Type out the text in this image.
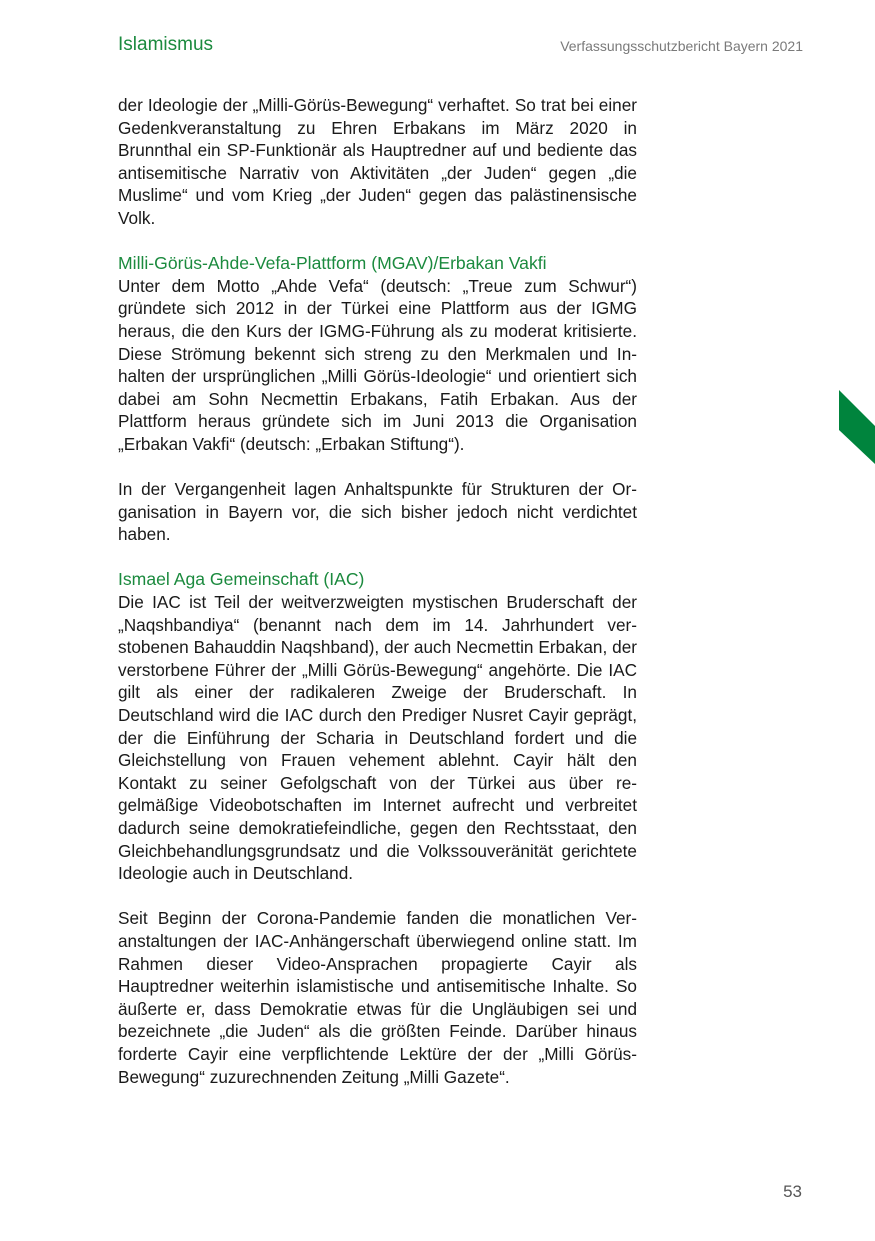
Islamismus	Verfassungsschutzbericht Bayern 2021

der Ideologie der „Milli-Görüs-Bewegung“ verhaftet. So trat bei einer Gedenkveranstaltung zu Ehren Erbakans im März 2020 in Brunnthal ein SP-Funktionär als Hauptredner auf und bediente das antisemitische Narrativ von Aktivitäten „der Juden“ gegen „die Muslime“ und vom Krieg „der Juden“ gegen das palästinensische Volk.

Milli-Görüs-Ahde-Vefa-Plattform (MGAV)/Erbakan Vakfi

Unter dem Motto „Ahde Vefa“ (deutsch: „Treue zum Schwur“) gründete sich 2012 in der Türkei eine Plattform aus der IGMG heraus, die den Kurs der IGMG-Führung als zu moderat kritisierte. Diese Strömung bekennt sich streng zu den Merkmalen und Inhalten der ursprünglichen „Milli Görüs-Ideologie“ und orientiert sich dabei am Sohn Necmettin Erbakans, Fatih Erbakan. Aus der Plattform heraus gründete sich im Juni 2013 die Organisation „Erbakan Vakfi“ (deutsch: „Erbakan Stiftung“).

In der Vergangenheit lagen Anhaltspunkte für Strukturen der Organisation in Bayern vor, die sich bisher jedoch nicht verdichtet haben.

Ismael Aga Gemeinschaft (IAC)

Die IAC ist Teil der weitverzweigten mystischen Bruderschaft der „Naqshbandiya“ (benannt nach dem im 14. Jahrhundert verstobenen Bahauddin Naqshband), der auch Necmettin Erbakan, der verstorbene Führer der „Milli Görüs-Bewegung“ angehörte. Die IAC gilt als einer der radikaleren Zweige der Bruderschaft. In Deutschland wird die IAC durch den Prediger Nusret Cayir geprägt, der die Einführung der Scharia in Deutschland fordert und die Gleichstellung von Frauen vehement ablehnt. Cayir hält den Kontakt zu seiner Gefolgschaft von der Türkei aus über regelmäßige Videobotschaften im Internet aufrecht und verbreitet dadurch seine demokratiefeindliche, gegen den Rechtsstaat, den Gleichbehandlungsgrundsatz und die Volkssouveränität gerichtete Ideologie auch in Deutschland.

Seit Beginn der Corona-Pandemie fanden die monatlichen Veranstaltungen der IAC-Anhängerschaft überwiegend online statt. Im Rahmen dieser Video-Ansprachen propagierte Cayir als Hauptredner weiterhin islamistische und antisemitische Inhalte. So äußerte er, dass Demokratie etwas für die Ungläubigen sei und bezeichnete „die Juden“ als die größten Feinde. Darüber hinaus forderte Cayir eine verpflichtende Lektüre der der „Milli Görüs-Bewegung“ zuzurechnenden Zeitung „Milli Gazete“.

53
